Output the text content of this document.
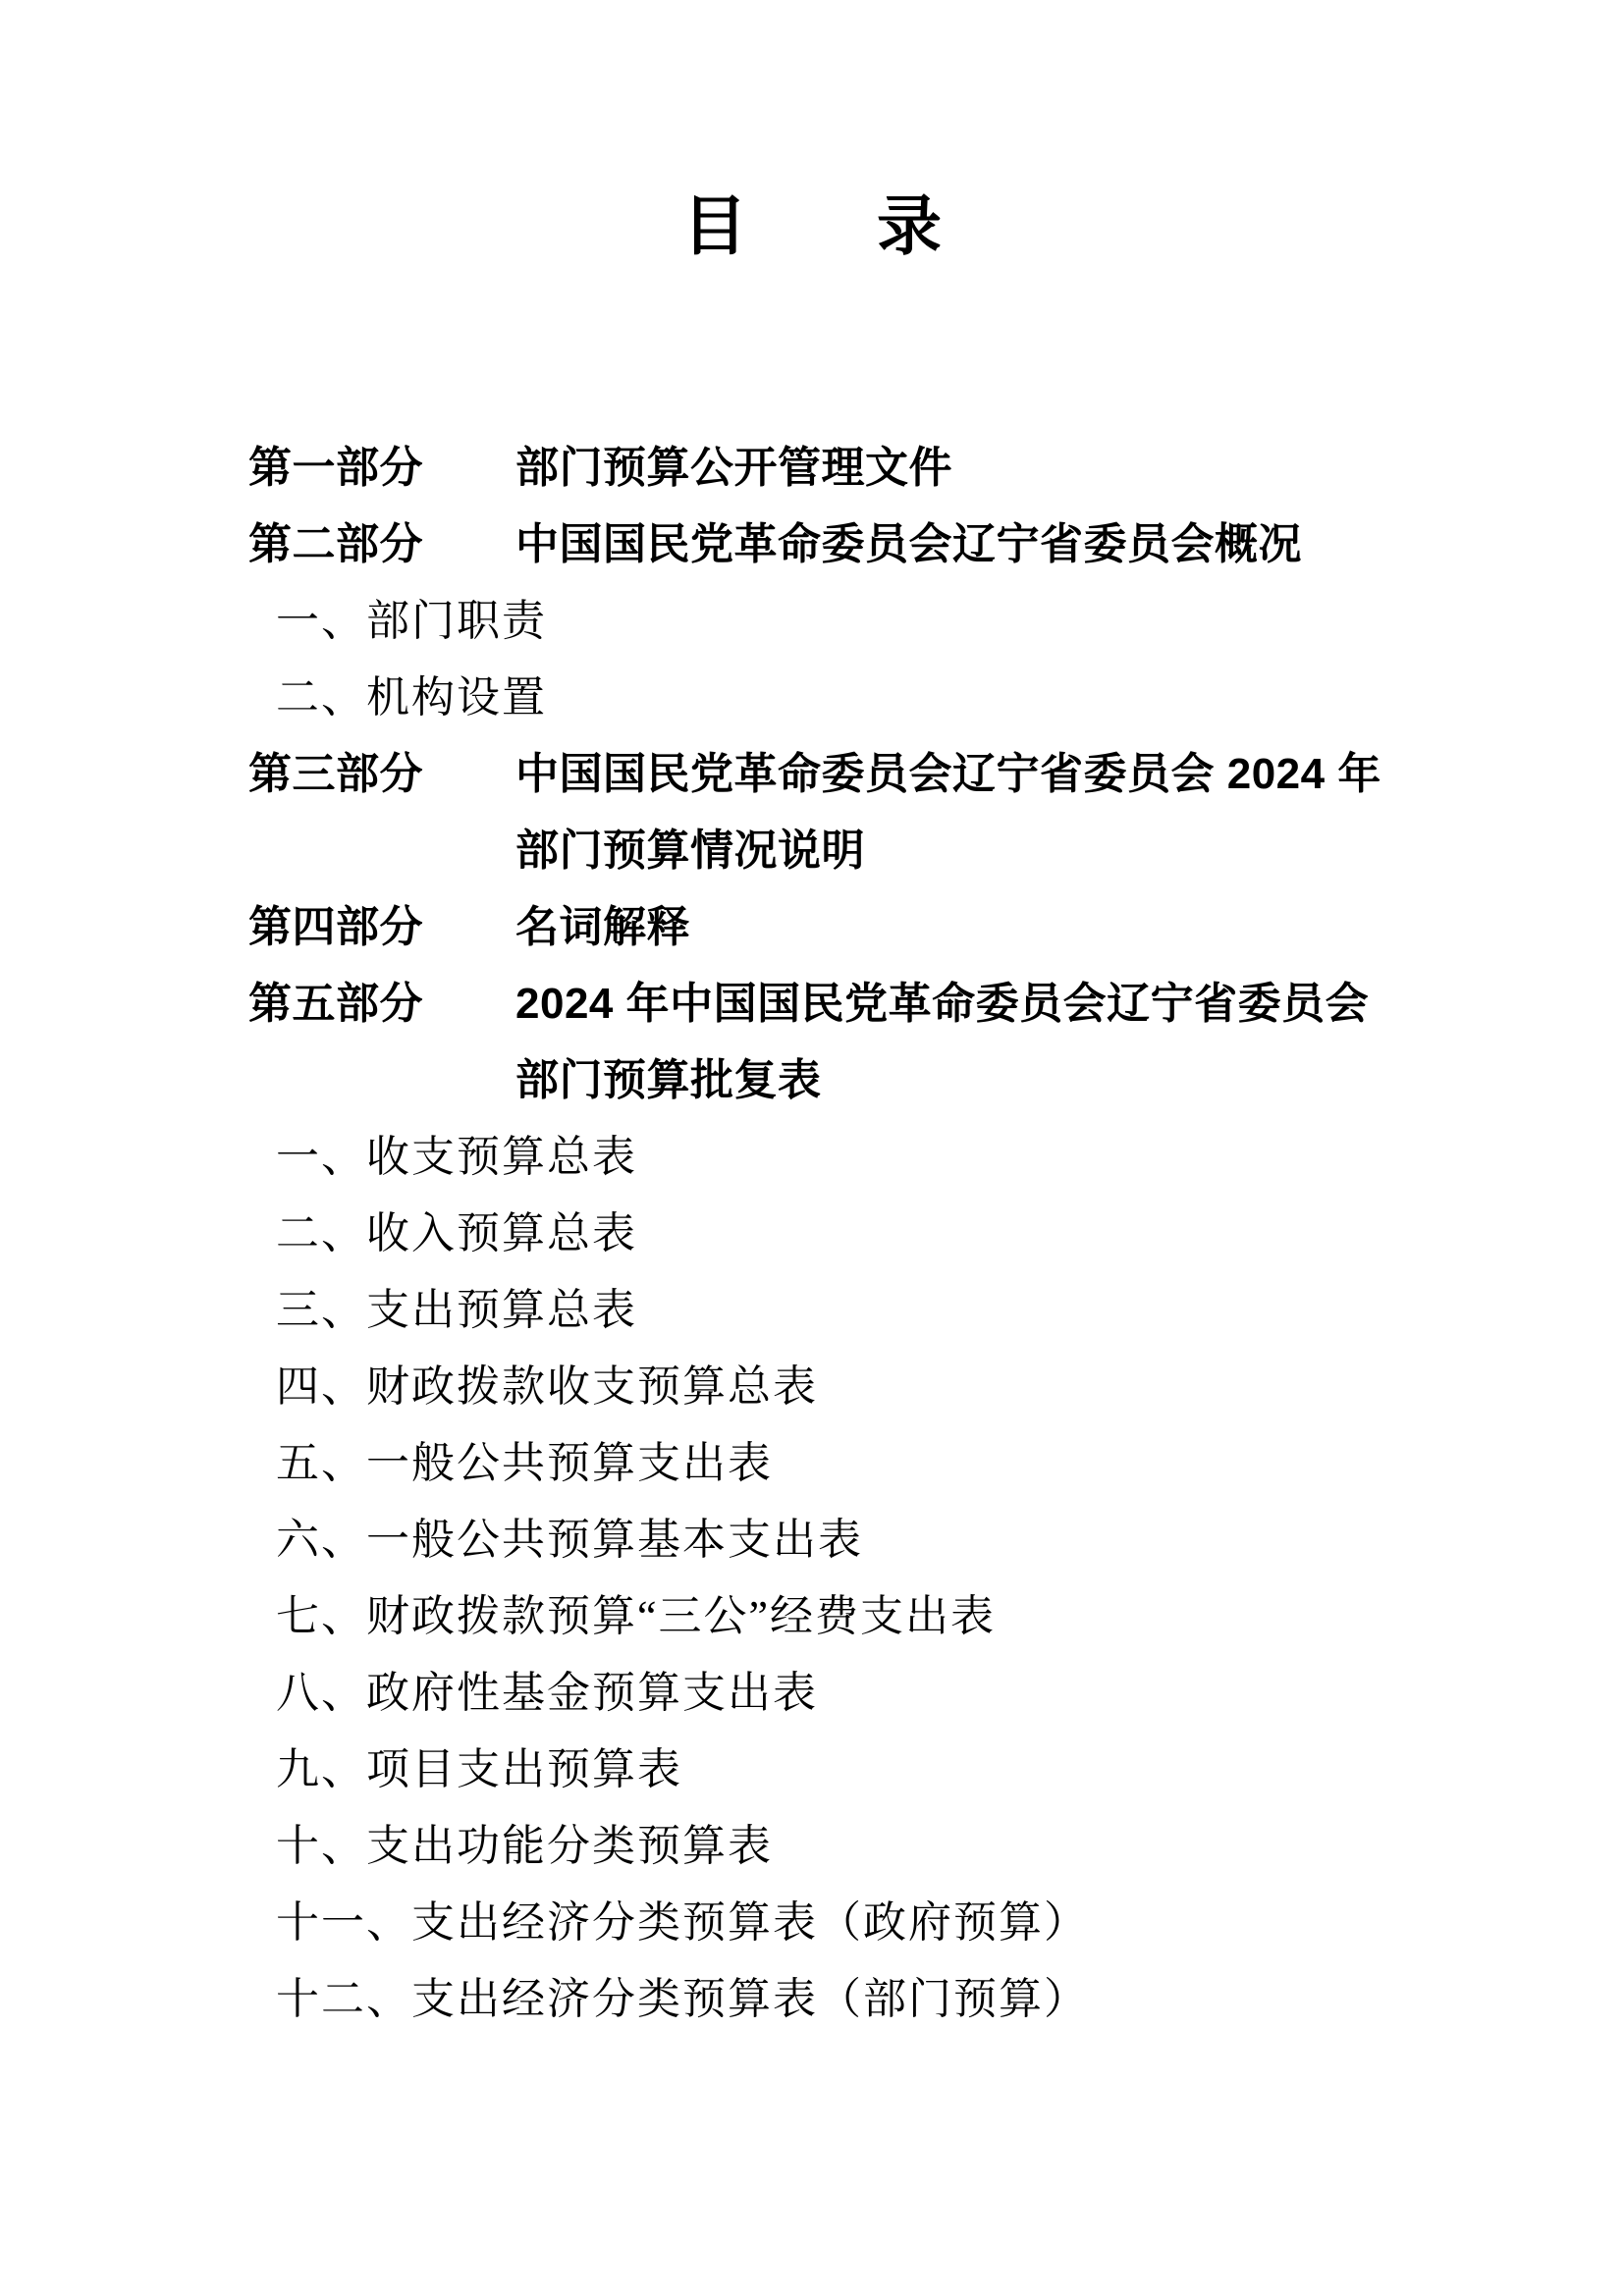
目　　录
第一部分	部门预算公开管理文件
第二部分	中国国民党革命委员会辽宁省委员会概况
一、部门职责
二、机构设置
第三部分	中国国民党革命委员会辽宁省委员会 2024 年
部门预算情况说明
第四部分	名词解释
第五部分	2024 年中国国民党革命委员会辽宁省委员会
部门预算批复表
一、收支预算总表
二、收入预算总表
三、支出预算总表
四、财政拨款收支预算总表
五、一般公共预算支出表
六、一般公共预算基本支出表
七、财政拨款预算“三公”经费支出表
八、政府性基金预算支出表
九、项目支出预算表
十、支出功能分类预算表
十一、支出经济分类预算表（政府预算）
十二、支出经济分类预算表（部门预算）
